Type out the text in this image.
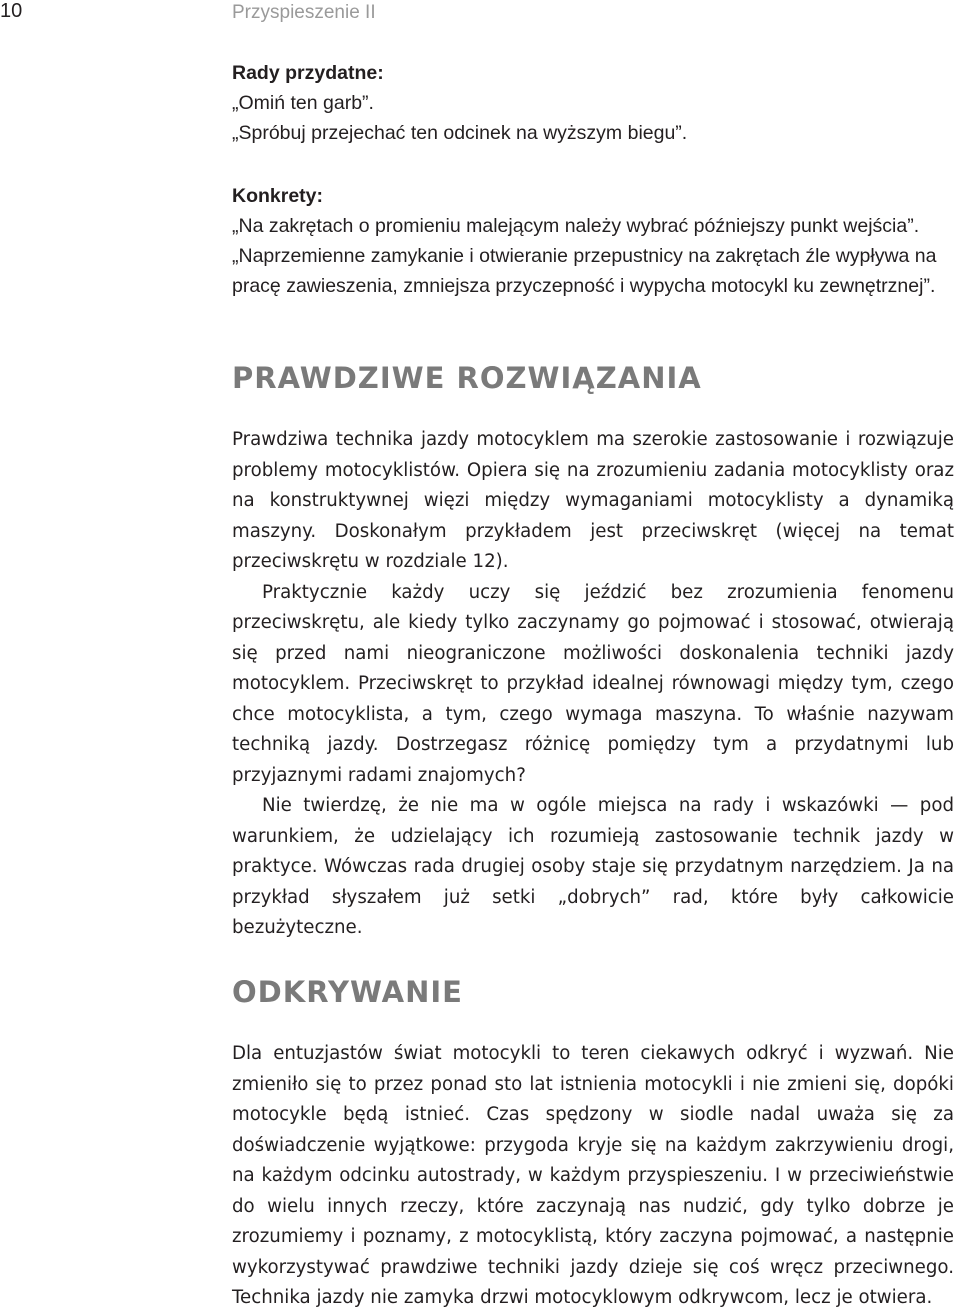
10	Przyspieszenie II
Rady przydatne:
„Omiń ten garb”.
„Spróbuj przejechać ten odcinek na wyższym biegu”.
Konkrety:
„Na zakrętach o promieniu malejącym należy wybrać późniejszy punkt wejścia”.
„Naprzemienne zamykanie i otwieranie przepustnicy na zakrętach źle wypływa na
pracę zawieszenia, zmniejsza przyczepność i wypycha motocykl ku zewnętrznej”.
PRAWDZIWE ROZWIĄZANIA

Prawdziwa technika jazdy motocyklem ma szerokie zastosowanie i rozwiązuje problemy motocyklistów. Opiera się na zrozumieniu zadania motocyklisty oraz na konstruktywnej więzi między wymaganiami motocyklisty a dynamiką maszyny. Doskonałym przykładem jest przeciwskręt (więcej na temat przeciwskrętu w rozdziale 12).

Praktycznie każdy uczy się jeździć bez zrozumienia fenomenu przeciwskrętu, ale kiedy tylko zaczynamy go pojmować i stosować, otwierają się przed nami nieograniczone możliwości doskonalenia techniki jazdy motocyklem. Przeciwskręt to przykład idealnej równowagi między tym, czego chce motocyklista, a tym, czego wymaga maszyna. To właśnie nazywam techniką jazdy. Dostrzegasz różnicę pomiędzy tym a przydatnymi lub przyjaznymi radami znajomych?

Nie twierdzę, że nie ma w ogóle miejsca na rady i wskazówki — pod warunkiem, że udzielający ich rozumieją zastosowanie technik jazdy w praktyce. Wówczas rada drugiej osoby staje się przydatnym narzędziem. Ja na przykład słyszałem już setki „dobrych” rad, które były całkowicie bezużyteczne.

ODKRYWANIE

Dla entuzjastów świat motocykli to teren ciekawych odkryć i wyzwań. Nie zmieniło się to przez ponad sto lat istnienia motocykli i nie zmieni się, dopóki motocykle będą istnieć. Czas spędzony w siodle nadal uważa się za doświadczenie wyjątkowe: przygoda kryje się na każdym zakrzywieniu drogi, na każdym odcinku autostrady, w każdym przyspieszeniu. I w przeciwieństwie do wielu innych rzeczy, które zaczynają nas nudzić, gdy tylko dobrze je zrozumiemy i poznamy, z motocyklistą, który zaczyna pojmować, a następnie wykorzystywać prawdziwe techniki jazdy dzieje się coś wręcz przeciwnego. Technika jazdy nie zamyka drzwi motocyklowym odkrywcom, lecz je otwiera.
